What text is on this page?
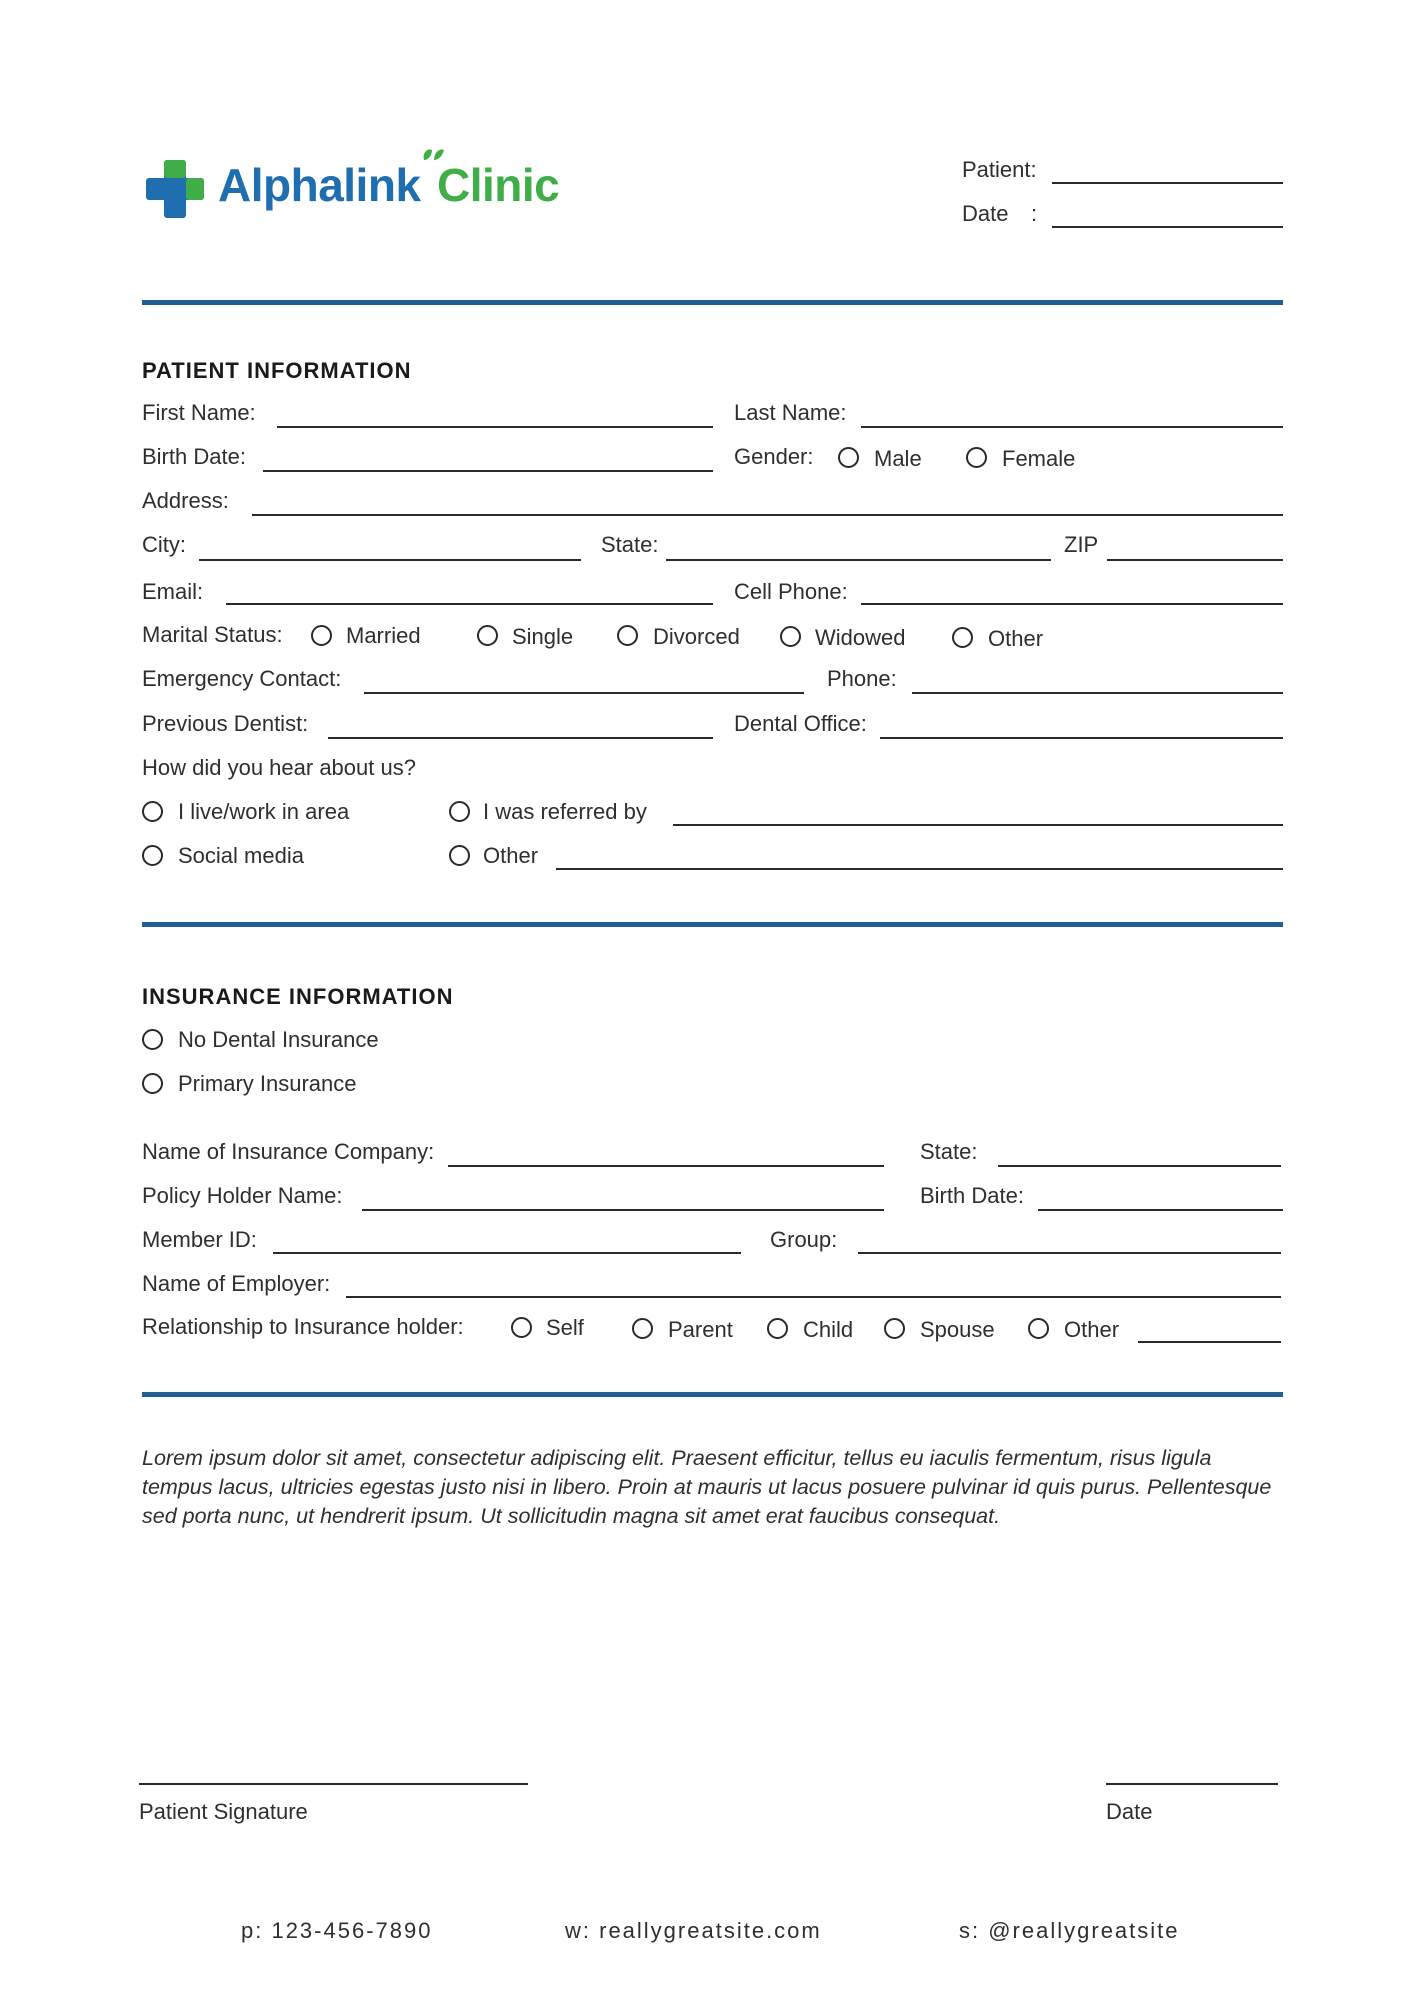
Alphalink Clinic	Patient:
Date :
PATIENT INFORMATION
First Name:	Last Name:
Birth Date:	Gender:	Male	Female
Address:
City:	State:	ZIP
Email:	Cell Phone:
Marital Status:	Married	Single	Divorced	Widowed	Other
Emergency Contact:	Phone:
Previous Dentist:	Dental Office:
How did you hear about us?
I live/work in area	I was referred by
Social media	Other
INSURANCE INFORMATION
No Dental Insurance
Primary Insurance
Name of Insurance Company:	State:
Policy Holder Name:	Birth Date:
Member ID:	Group:
Name of Employer:
Relationship to Insurance holder:	Self	Parent	Child	Spouse	Other
Lorem ipsum dolor sit amet, consectetur adipiscing elit. Praesent efficitur, tellus eu iaculis fermentum, risus ligula tempus lacus, ultricies egestas justo nisi in libero. Proin at mauris ut lacus posuere pulvinar id quis purus. Pellentesque sed porta nunc, ut hendrerit ipsum. Ut sollicitudin magna sit amet erat faucibus consequat.
Patient Signature	Date
p: 123-456-7890	w: reallygreatsite.com	s: @reallygreatsite
